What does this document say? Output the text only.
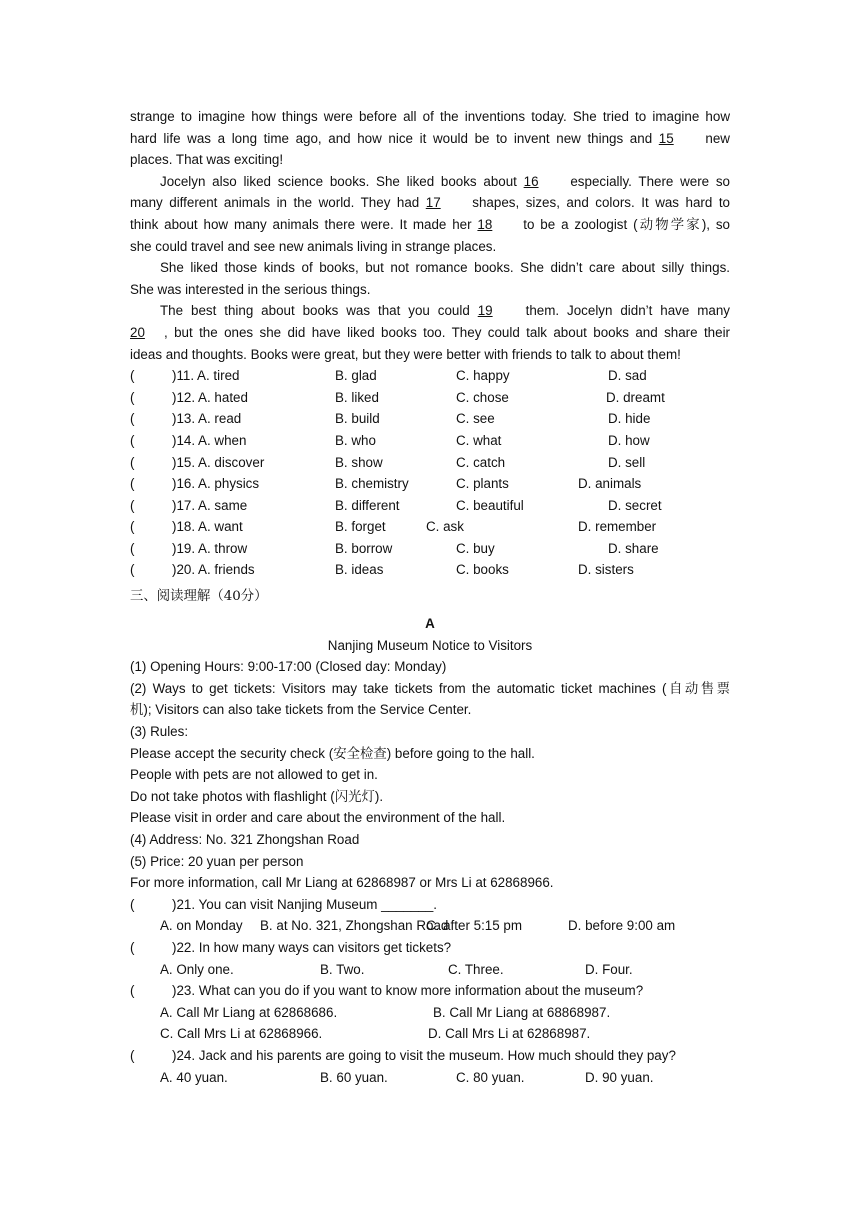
strange to imagine how things were before all of the inventions today. She tried to imagine how
hard life was a long time ago, and how nice it would be to invent new things and 15 new
places. That was exciting!
Jocelyn also liked science books. She liked books about 16 especially. There were so
many different animals in the world. They had 17 shapes, sizes, and colors. It was hard to
think about how many animals there were. It made her 18 to be a zoologist (动物学家), so
she could travel and see new animals living in strange places.
She liked those kinds of books, but not romance books. She didn’t care about silly things.
She was interested in the serious things.
The best thing about books was that you could 19 them. Jocelyn didn’t have many
20 , but the ones she did have liked books too. They could talk about books and share their
ideas and thoughts. Books were great, but they were better with friends to talk to about them!
(	)11. A. tired	B. glad	C. happy	D. sad
(	)12. A. hated	B. liked	C. chose	D. dreamt
(	)13. A. read	B. build	C. see	D. hide
(	)14. A. when	B. who	C. what	D. how
(	)15. A. discover	B. show	C. catch	D. sell
(	)16. A. physics	B. chemistry	C. plants	D. animals
(	)17. A. same	B. different	C. beautiful	D. secret
(	)18. A. want	B. forget	C. ask	D. remember
(	)19. A. throw	B. borrow	C. buy	D. share
(	)20. A. friends	B. ideas	C. books	D. sisters
三、阅读理解（40分）
A
Nanjing Museum Notice to Visitors
(1) Opening Hours: 9:00-17:00 (Closed day: Monday)
(2) Ways to get tickets: Visitors may take tickets from the automatic ticket machines (自动售票
机); Visitors can also take tickets from the Service Center.
(3) Rules:
Please accept the security check (安全检查) before going to the hall.
People with pets are not allowed to get in.
Do not take photos with flashlight (闪光灯).
Please visit in order and care about the environment of the hall.
(4) Address: No. 321 Zhongshan Road
(5) Price: 20 yuan per person
For more information, call Mr Liang at 62868987 or Mrs Li at 62868966.
(	)21. You can visit Nanjing Museum _______.
A. on Monday B. at No. 321, Zhongshan Road
C. after 5:15 pm	D. before 9:00 am
(	)22. In how many ways can visitors get tickets?
A. Only one.	B. Two.	C. Three.	D. Four.
(	)23. What can you do if you want to know more information about the museum?
A. Call Mr Liang at 62868686.	B. Call Mr Liang at 68868987.
C. Call Mrs Li at 62868966.	D. Call Mrs Li at 62868987.
(	)24. Jack and his parents are going to visit the museum. How much should they pay?
A. 40 yuan.	B. 60 yuan.	C. 80 yuan.	D. 90 yuan.
